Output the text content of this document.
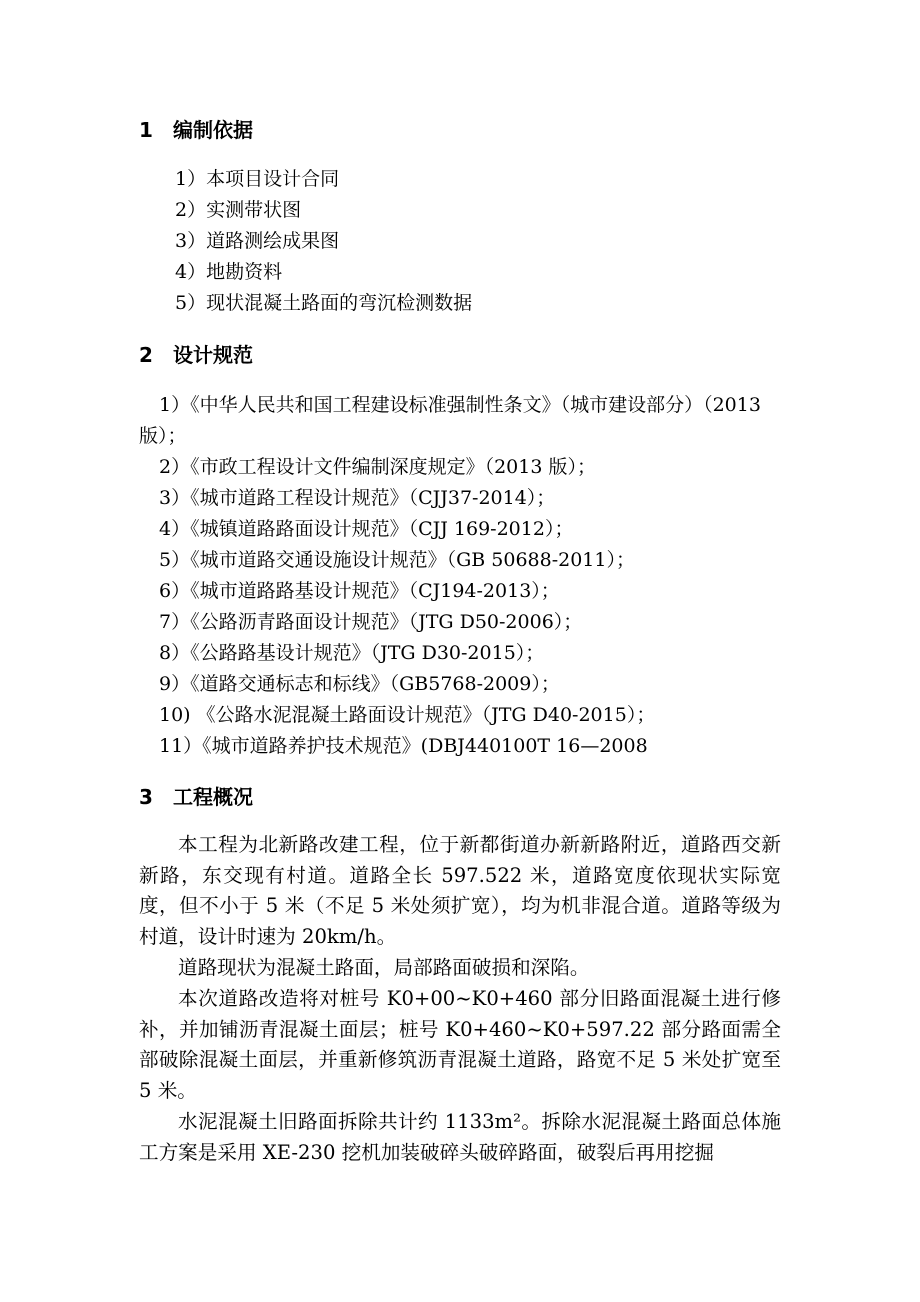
1 编制依据
1）本项目设计合同
2）实测带状图
3）道路测绘成果图
4）地勘资料
5）现状混凝土路面的弯沉检测数据
2 设计规范
1）《中华人民共和国工程建设标准强制性条文》（城市建设部分）（2013 版）；
2）《市政工程设计文件编制深度规定》（2013 版）；
3）《城市道路工程设计规范》（CJJ37-2014）；
4）《城镇道路路面设计规范》（CJJ 169-2012）；
5）《城市道路交通设施设计规范》（GB 50688-2011）；
6）《城市道路路基设计规范》（CJ194-2013）；
7）《公路沥青路面设计规范》（JTG D50-2006）；
8）《公路路基设计规范》（JTG D30-2015）；
9）《道路交通标志和标线》（GB5768-2009）；
10) 《公路水泥混凝土路面设计规范》（JTG D40-2015）；
11）《城市道路养护技术规范》(DBJ440100T 16—2008
3 工程概况

本工程为北新路改建工程，位于新都街道办新新路附近，道路西交新新路，东交现有村道。道路全长 597.522 米，道路宽度依现状实际宽度，但不小于 5 米（不足 5 米处须扩宽），均为机非混合道。道路等级为村道，设计时速为 20km/h。

道路现状为混凝土路面，局部路面破损和深陷。

本次道路改造将对桩号 K0+00~K0+460 部分旧路面混凝土进行修补，并加铺沥青混凝土面层；桩号 K0+460~K0+597.22 部分路面需全部破除混凝土面层，并重新修筑沥青混凝土道路，路宽不足 5 米处扩宽至 5 米。

水泥混凝土旧路面拆除共计约 1133m²。拆除水泥混凝土路面总体施工方案是采用 XE-230 挖机加装破碎头破碎路面，破裂后再用挖掘
